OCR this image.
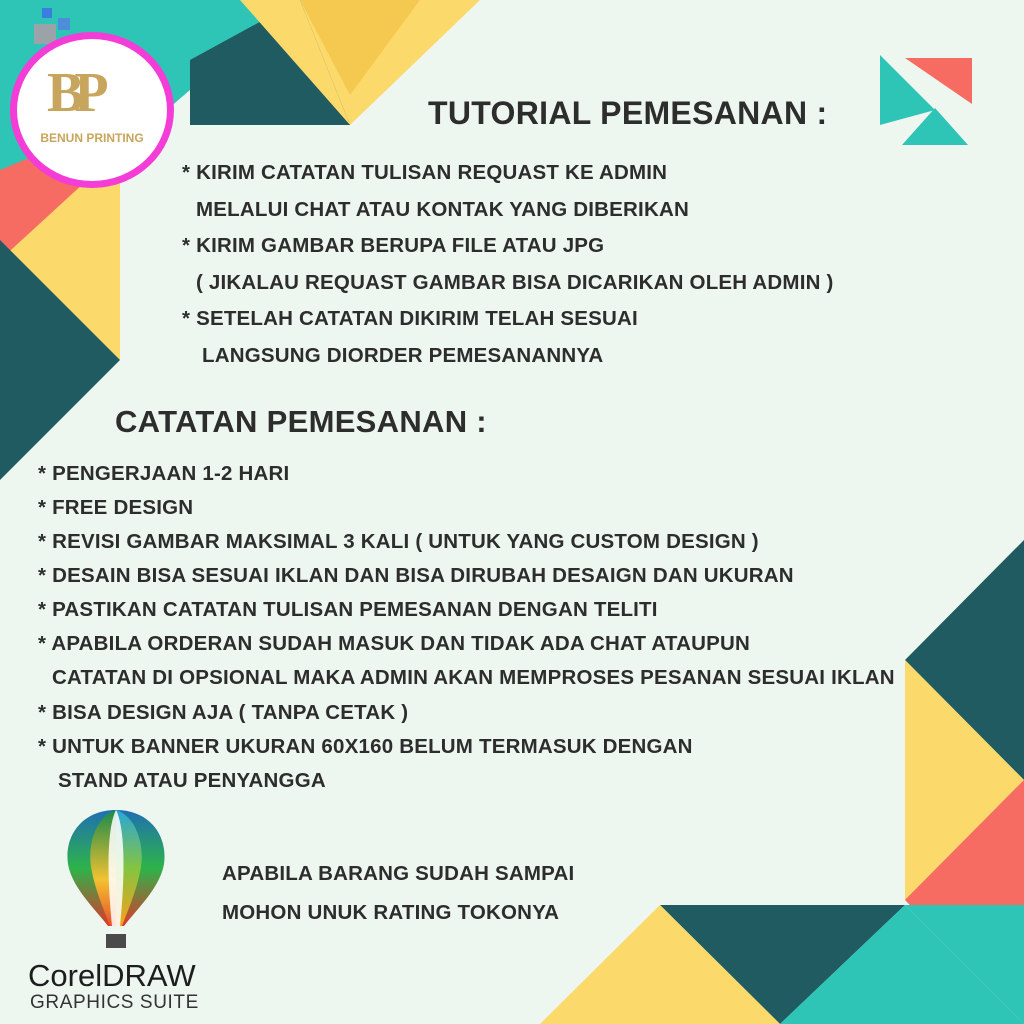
BP
BENUN PRINTING
TUTORIAL PEMESANAN :
* KIRIM CATATAN TULISAN REQUAST KE ADMIN
MELALUI CHAT ATAU KONTAK YANG DIBERIKAN
* KIRIM GAMBAR BERUPA FILE ATAU JPG
( JIKALAU REQUAST GAMBAR BISA DICARIKAN OLEH ADMIN )
* SETELAH CATATAN DIKIRIM TELAH SESUAI
LANGSUNG DIORDER PEMESANANNYA
CATATAN PEMESANAN :
* PENGERJAAN 1-2 HARI
* FREE DESIGN
* REVISI GAMBAR MAKSIMAL 3 KALI ( UNTUK YANG CUSTOM DESIGN )
* DESAIN BISA SESUAI IKLAN DAN BISA DIRUBAH DESAIGN DAN UKURAN
* PASTIKAN CATATAN TULISAN PEMESANAN DENGAN TELITI
* APABILA ORDERAN SUDAH MASUK DAN TIDAK ADA CHAT ATAUPUN
CATATAN DI OPSIONAL MAKA ADMIN AKAN MEMPROSES PESANAN SESUAI IKLAN
* BISA DESIGN AJA ( TANPA CETAK )
* UNTUK BANNER UKURAN 60X160 BELUM TERMASUK DENGAN
STAND ATAU PENYANGGA
APABILA BARANG SUDAH SAMPAI
MOHON UNUK RATING TOKONYA
CorelDRAW
GRAPHICS SUITE
